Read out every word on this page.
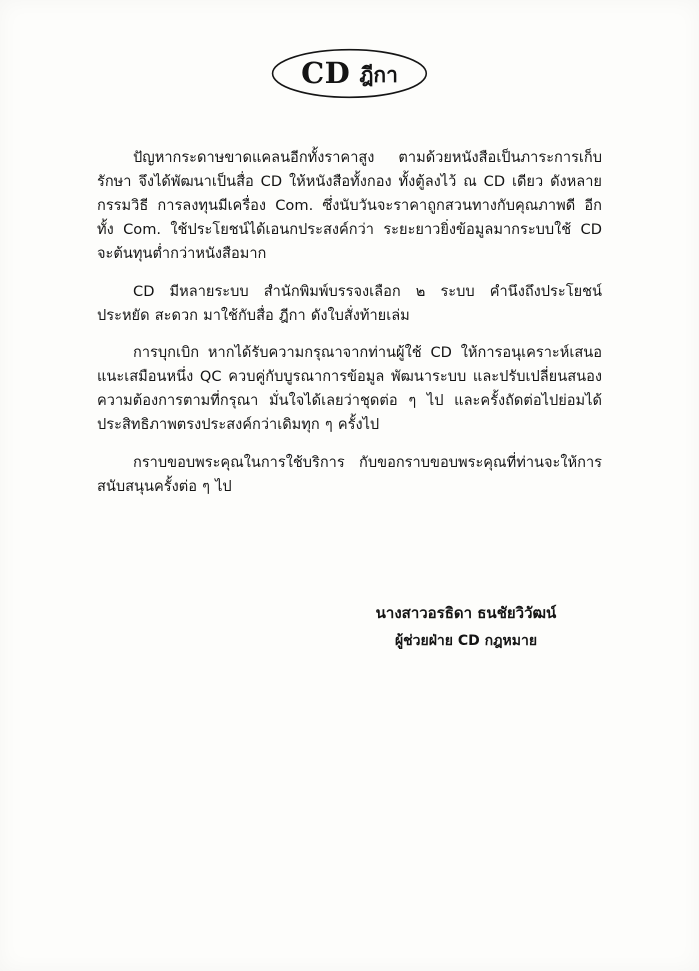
CD ฎีกา

ปัญหากระดาษขาดแคลนอีกทั้งราคาสูง ตามด้วยหนังสือเป็นภาระการเก็บรักษา จึงได้พัฒนาเป็นสื่อ CD ให้หนังสือทั้งกอง ทั้งตู้ลงไว้ ณ CD เดียว ดังหลายกรรมวิธี การลงทุนมีเครื่อง Com. ซึ่งนับวันจะราคาถูกสวนทางกับคุณภาพดี อีกทั้ง Com. ใช้ประโยชน์ได้เอนกประสงค์กว่า ระยะยาวยิ่งข้อมูลมากระบบใช้ CD จะต้นทุนต่ำกว่าหนังสือมาก

CD มีหลายระบบ สำนักพิมพ์บรรจงเลือก ๒ ระบบ คำนึงถึงประโยชน์ ประหยัด สะดวก มาใช้กับสื่อ ฎีกา ดังใบสั่งท้ายเล่ม

การบุกเบิก หากได้รับความกรุณาจากท่านผู้ใช้ CD ให้การอนุเคราะห์เสนอแนะเสมือนหนึ่ง QC ควบคู่กับบูรณาการข้อมูล พัฒนาระบบ และปรับเปลี่ยนสนองความต้องการตามที่กรุณา มั่นใจได้เลยว่าชุดต่อ ๆ ไป และครั้งถัดต่อไปย่อมได้ประสิทธิภาพตรงประสงค์กว่าเดิมทุก ๆ ครั้งไป

กราบขอบพระคุณในการใช้บริการ กับขอกราบขอบพระคุณที่ท่านจะให้การสนับสนุนครั้งต่อ ๆ ไป

นางสาวอรธิดา ธนชัยวิวัฒน์
ผู้ช่วยฝ่าย CD กฎหมาย
